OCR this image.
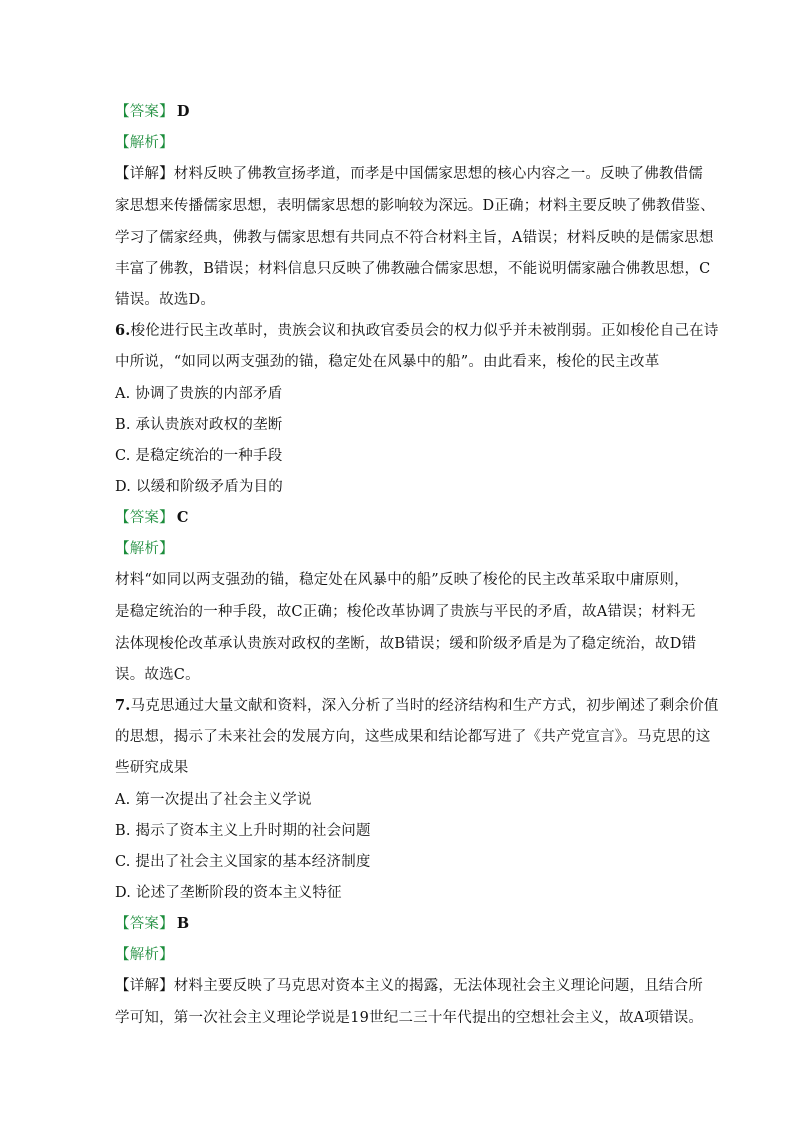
【答案】 D
【解析】
【详解】材料反映了佛教宣扬孝道，而孝是中国儒家思想的核心内容之一。反映了佛教借儒
家思想来传播儒家思想，表明儒家思想的影响较为深远。D正确；材料主要反映了佛教借鉴、
学习了儒家经典，佛教与儒家思想有共同点不符合材料主旨，A错误；材料反映的是儒家思想
丰富了佛教，B错误；材料信息只反映了佛教融合儒家思想，不能说明儒家融合佛教思想，C
错误。故选D。
6.梭伦进行民主改革时，贵族会议和执政官委员会的权力似乎并未被削弱。正如梭伦自己在诗
中所说，“如同以两支强劲的锚，稳定处在风暴中的船”。由此看来，梭伦的民主改革
A. 协调了贵族的内部矛盾
B. 承认贵族对政权的垄断
C. 是稳定统治的一种手段
D. 以缓和阶级矛盾为目的
【答案】 C
【解析】
材料“如同以两支强劲的锚，稳定处在风暴中的船”反映了梭伦的民主改革采取中庸原则，
是稳定统治的一种手段，故C正确；梭伦改革协调了贵族与平民的矛盾，故A错误；材料无
法体现梭伦改革承认贵族对政权的垄断，故B错误；缓和阶级矛盾是为了稳定统治，故D错
误。故选C。
7.马克思通过大量文献和资料，深入分析了当时的经济结构和生产方式，初步阐述了剩余价值
的思想，揭示了未来社会的发展方向，这些成果和结论都写进了《共产党宣言》。马克思的这
些研究成果
A. 第一次提出了社会主义学说
B. 揭示了资本主义上升时期的社会问题
C. 提出了社会主义国家的基本经济制度
D. 论述了垄断阶段的资本主义特征
【答案】 B
【解析】
【详解】材料主要反映了马克思对资本主义的揭露，无法体现社会主义理论问题，且结合所
学可知，第一次社会主义理论学说是19世纪二三十年代提出的空想社会主义，故A项错误。
